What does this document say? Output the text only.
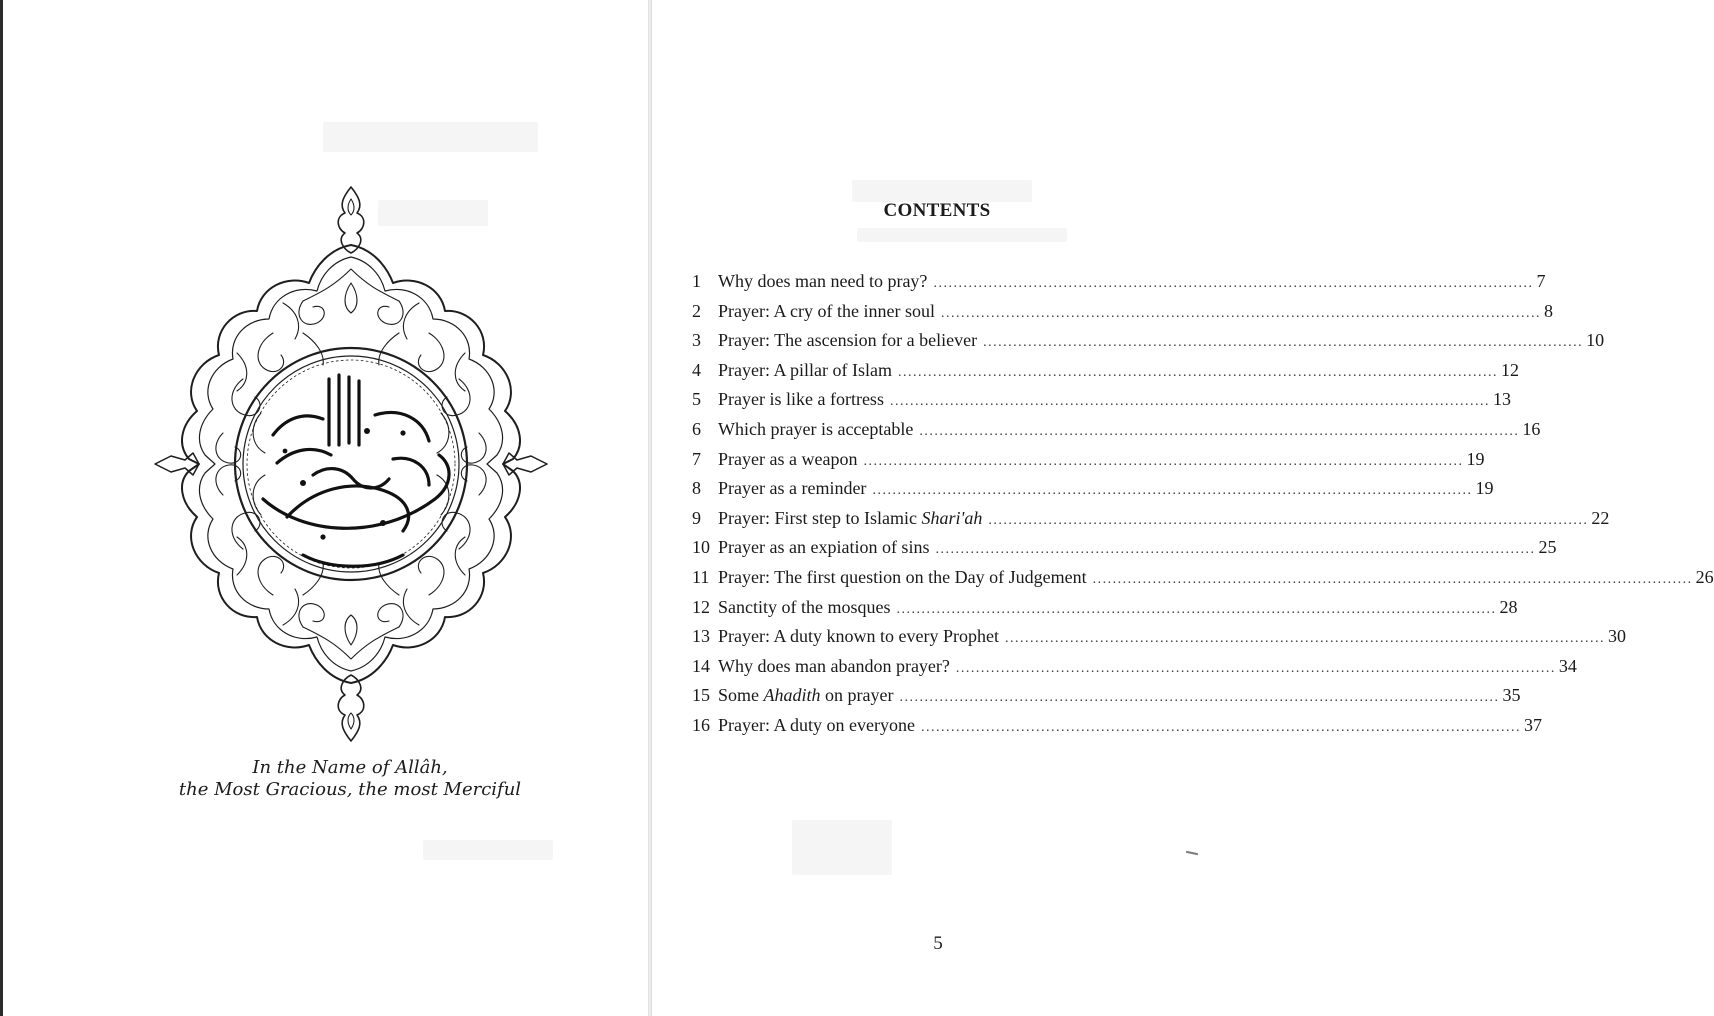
In the Name of Allâh,
the Most Gracious, the most Merciful
CONTENTS
1 Why does man need to pray? ........................................................................................................................ 7
2 Prayer: A cry of the inner soul ........................................................................................................................ 8
3 Prayer: The ascension for a believer ........................................................................................................................ 10
4 Prayer: A pillar of Islam ........................................................................................................................ 12
5 Prayer is like a fortress ........................................................................................................................ 13
6 Which prayer is acceptable ........................................................................................................................ 16
7 Prayer as a weapon ........................................................................................................................ 19
8 Prayer as a reminder ........................................................................................................................ 19
9 Prayer: First step to Islamic Shari'ah ........................................................................................................................ 22
10 Prayer as an expiation of sins ........................................................................................................................ 25
11 Prayer: The first question on the Day of Judgement ........................................................................................................................ 26
12 Sanctity of the mosques ........................................................................................................................ 28
13 Prayer: A duty known to every Prophet ........................................................................................................................ 30
14 Why does man abandon prayer? ........................................................................................................................ 34
15 Some Ahadith on prayer ........................................................................................................................ 35
16 Prayer: A duty on everyone ........................................................................................................................ 37
5
